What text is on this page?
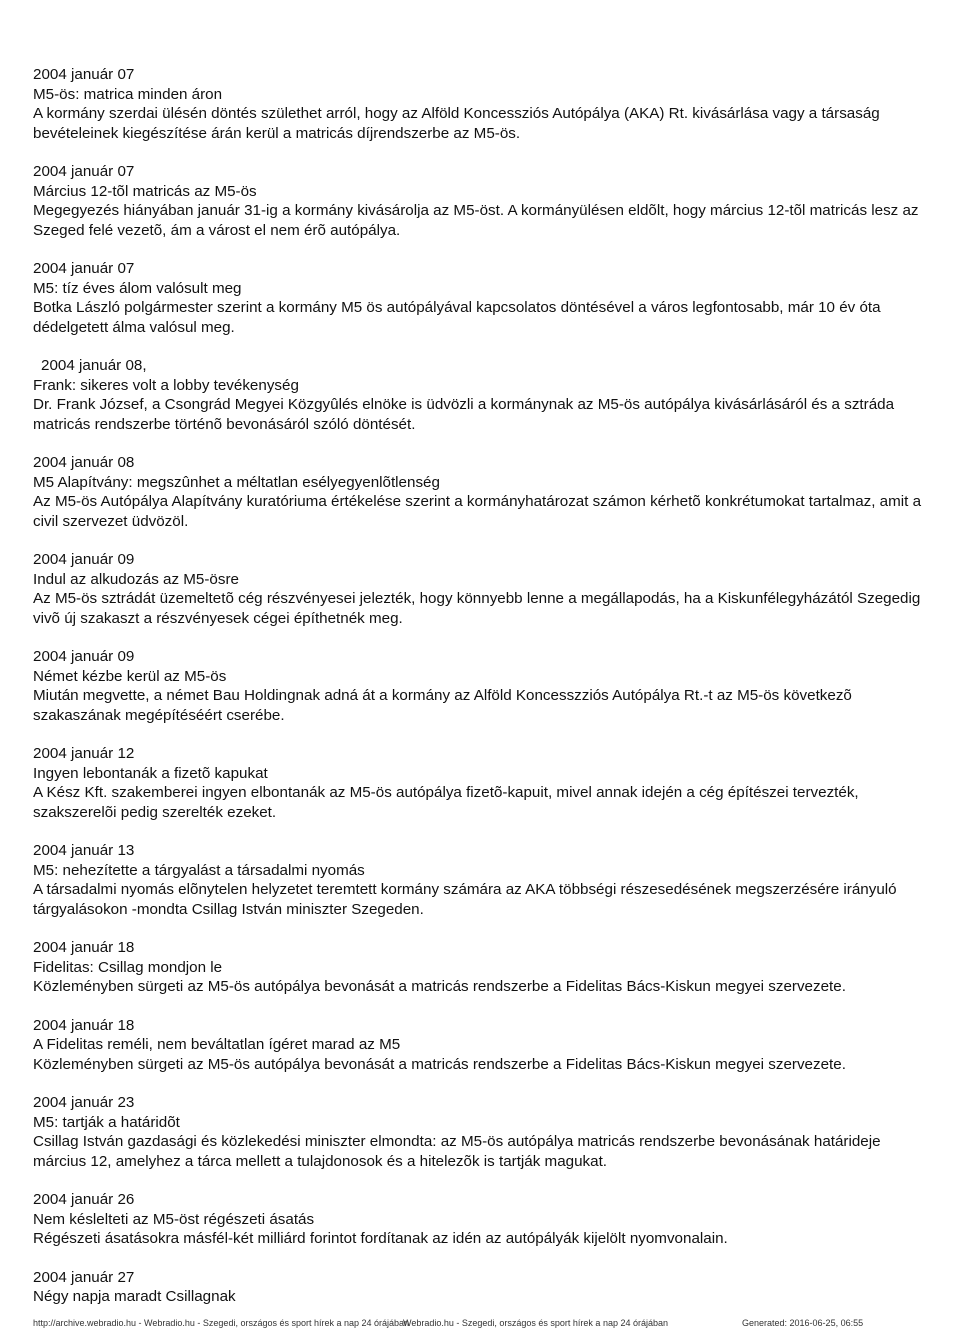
2004 január 07

M5-ös: matrica minden áron

A kormány szerdai ülésén döntés születhet arról, hogy az Alföld Koncessziós Autópálya (AKA) Rt. kivásárlása vagy a társaság bevételeinek kiegészítése árán kerül a matricás díjrendszerbe az M5-ös.

2004 január 07

Március 12-tõl matricás az M5-ös

Megegyezés hiányában január 31-ig a kormány kivásárolja az M5-öst. A kormányülésen eldõlt, hogy március 12-tõl matricás lesz az Szeged felé vezetõ, ám a várost el nem érõ autópálya.

2004 január 07

M5: tíz éves álom valósult meg

Botka László polgármester szerint a kormány M5 ös autópályával kapcsolatos döntésével a város legfontosabb, már 10 év óta dédelgetett álma valósul meg.

2004 január 08,

Frank: sikeres volt a lobby tevékenység

Dr. Frank József, a Csongrád Megyei Közgyûlés elnöke is üdvözli a kormánynak az M5-ös autópálya kivásárlásáról és a sztráda matricás rendszerbe történõ bevonásáról szóló döntését.

2004 január 08

M5 Alapítvány: megszûnhet a méltatlan esélyegyenlõtlenség

Az M5-ös Autópálya Alapítvány kuratóriuma értékelése szerint a kormányhatározat számon kérhetõ konkrétumokat tartalmaz, amit a civil szervezet üdvözöl.

2004 január 09

Indul az alkudozás az M5-ösre

Az M5-ös sztrádát üzemeltetõ cég részvényesei jelezték, hogy könnyebb lenne a megállapodás, ha a Kiskunfélegyházától Szegedig vivõ új szakaszt a részvényesek cégei építhetnék meg.

2004 január 09

Német kézbe kerül az M5-ös

Miután megvette, a német Bau Holdingnak adná át a kormány az Alföld Koncesszziós Autópálya Rt.-t az M5-ös következõ szakaszának megépítéséért cserébe.

2004 január 12

Ingyen lebontanák a fizetõ kapukat

A Kész Kft. szakemberei ingyen elbontanák az M5-ös autópálya fizetõ-kapuit, mivel annak idején a cég építészei tervezték, szakszerelõi pedig szerelték ezeket.

2004 január 13

M5: nehezítette a tárgyalást a társadalmi nyomás

A társadalmi nyomás elõnytelen helyzetet teremtett kormány számára az AKA többségi részesedésének megszerzésére irányuló tárgyalásokon -mondta Csillag István miniszter Szegeden.

2004 január 18

Fidelitas: Csillag mondjon le

Közleményben sürgeti az M5-ös autópálya bevonását a matricás rendszerbe a Fidelitas Bács-Kiskun megyei szervezete.

2004 január 18

A Fidelitas reméli, nem beváltatlan ígéret marad az M5

Közleményben sürgeti az M5-ös autópálya bevonását a matricás rendszerbe a Fidelitas Bács-Kiskun megyei szervezete.

2004 január 23

M5: tartják a határidõt

Csillag István gazdasági és közlekedési miniszter elmondta: az M5-ös autópálya matricás rendszerbe bevonásának határideje március 12, amelyhez a tárca mellett a tulajdonosok és a hitelezõk is tartják magukat.

2004 január 26

Nem késlelteti az M5-öst régészeti ásatás

Régészeti ásatásokra másfél-két milliárd forintot fordítanak az idén az autópályák kijelölt nyomvonalain.

2004 január 27

Négy napja maradt Csillagnak

http://archive.webradio.hu - Webradio.hu - Szegedi, országos és sport hírek a nap 24 órájában
Webradio.hu - Szegedi, országos és sport hírek a nap 24 órájában	Generated: 2016-06-25, 06:55
